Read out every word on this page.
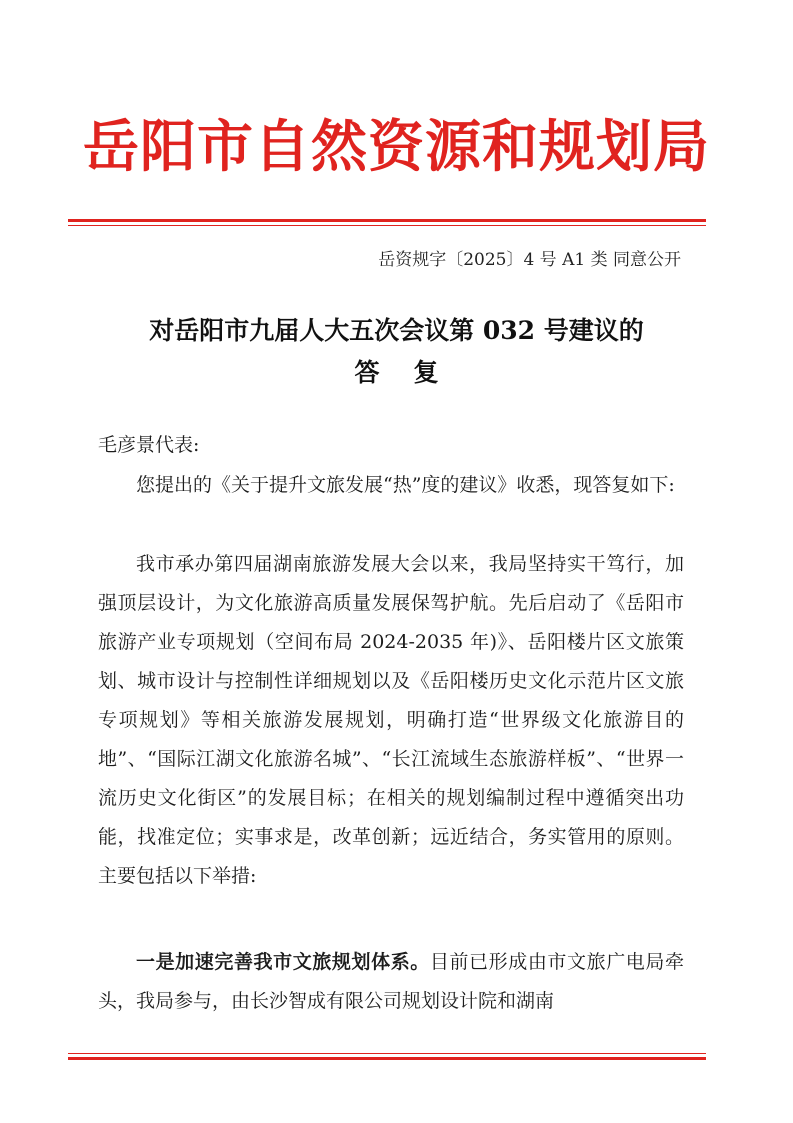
岳阳市自然资源和规划局
岳资规字〔2025〕4 号 A1 类 同意公开
对岳阳市九届人大五次会议第 032 号建议的
答复
毛彦景代表:
您提出的《关于提升文旅发展“热”度的建议》收悉，现答复如下:
我市承办第四届湖南旅游发展大会以来，我局坚持实干笃行，加强顶层设计，为文化旅游高质量发展保驾护航。先后启动了《岳阳市旅游产业专项规划（空间布局 2024-2035 年)》、岳阳楼片区文旅策划、城市设计与控制性详细规划以及《岳阳楼历史文化示范片区文旅专项规划》等相关旅游发展规划，明确打造“世界级文化旅游目的地”、“国际江湖文化旅游名城”、“长江流域生态旅游样板”、“世界一流历史文化街区”的发展目标；在相关的规划编制过程中遵循突出功能，找准定位；实事求是，改革创新；远近结合，务实管用的原则。主要包括以下举措:
一是加速完善我市文旅规划体系。目前已形成由市文旅广电局牵头，我局参与，由长沙智成有限公司规划设计院和湖南
